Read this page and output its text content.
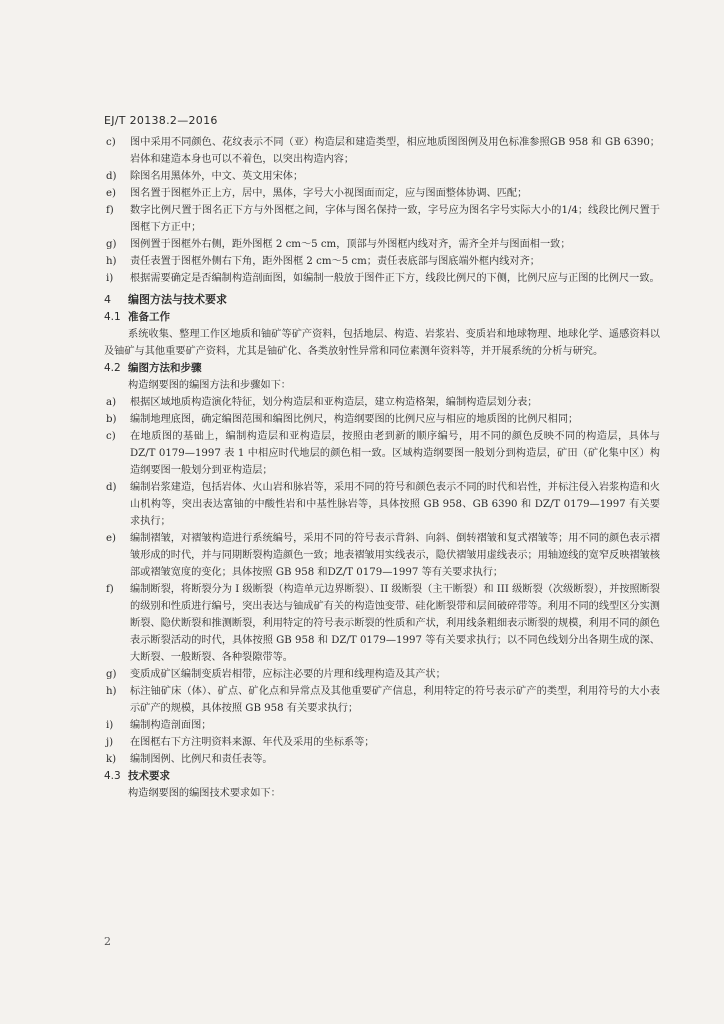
EJ/T 20138.2—2016
c)	图中采用不同颜色、花纹表示不同（亚）构造层和建造类型，相应地质图图例及用色标准参照GB 958 和 GB 6390；岩体和建造本身也可以不着色，以突出构造内容；
d)	除图名用黑体外，中文、英文用宋体；
e)	图名置于图框外正上方，居中，黑体，字号大小视图面而定，应与图面整体协调、匹配；
f)	数字比例尺置于图名正下方与外图框之间，字体与图名保持一致，字号应为图名字号实际大小的1/4；线段比例尺置于图框下方正中；
g)	图例置于图框外右侧，距外图框 2 cm～5 cm，顶部与外图框内线对齐，需齐全并与图面相一致；
h)	责任表置于图框外侧右下角，距外图框 2 cm～5 cm；责任表底部与图底端外框内线对齐；
i)	根据需要确定是否编制构造剖面图，如编制一般放于图件正下方，线段比例尺的下侧，比例尺应与正图的比例尺一致。
4 编图方法与技术要求
4.1 准备工作
系统收集、整理工作区地质和铀矿等矿产资料，包括地层、构造、岩浆岩、变质岩和地球物理、地球化学、遥感资料以及铀矿与其他重要矿产资料，尤其是铀矿化、各类放射性异常和同位素测年资料等，并开展系统的分析与研究。
4.2 编图方法和步骤
构造纲要图的编图方法和步骤如下：
a)	根据区域地质构造演化特征，划分构造层和亚构造层，建立构造格架，编制构造层划分表；
b)	编制地理底图，确定编图范围和编图比例尺，构造纲要图的比例尺应与相应的地质图的比例尺相同；
c)	在地质图的基础上，编制构造层和亚构造层，按照由老到新的顺序编号，用不同的颜色反映不同的构造层，具体与 DZ/T 0179—1997 表 1 中相应时代地层的颜色相一致。区域构造纲要图一般划分到构造层，矿田（矿化集中区）构造纲要图一般划分到亚构造层；
d)	编制岩浆建造，包括岩体、火山岩和脉岩等，采用不同的符号和颜色表示不同的时代和岩性，并标注侵入岩浆构造和火山机构等，突出表达富铀的中酸性岩和中基性脉岩等，具体按照 GB 958、GB 6390 和 DZ/T 0179—1997 有关要求执行；
e)	编制褶皱，对褶皱构造进行系统编号，采用不同的符号表示背斜、向斜、倒转褶皱和复式褶皱等；用不同的颜色表示褶皱形成的时代，并与同期断裂构造颜色一致；地表褶皱用实线表示，隐伏褶皱用虚线表示；用轴迹线的宽窄反映褶皱核部或褶皱宽度的变化；具体按照 GB 958 和DZ/T 0179—1997 等有关要求执行；
f)	编制断裂，将断裂分为 I 级断裂（构造单元边界断裂）、II 级断裂（主干断裂）和 III 级断裂（次级断裂），并按照断裂的级别和性质进行编号，突出表达与铀成矿有关的构造蚀变带、硅化断裂带和层间破碎带等。利用不同的线型区分实测断裂、隐伏断裂和推测断裂，利用特定的符号表示断裂的性质和产状，利用线条粗细表示断裂的规模，利用不同的颜色表示断裂活动的时代，具体按照 GB 958 和 DZ/T 0179—1997 等有关要求执行；以不同色线划分出各期生成的深、大断裂、一般断裂、各种裂隙带等。
g)	变质成矿区编制变质岩相带，应标注必要的片理和线理构造及其产状；
h)	标注铀矿床（体）、矿点、矿化点和异常点及其他重要矿产信息，利用特定的符号表示矿产的类型，利用符号的大小表示矿产的规模，具体按照 GB 958 有关要求执行；
i)	编制构造剖面图；
j)	在图框右下方注明资料来源、年代及采用的坐标系等；
k)	编制图例、比例尺和责任表等。
4.3 技术要求
构造纲要图的编图技术要求如下：
2
